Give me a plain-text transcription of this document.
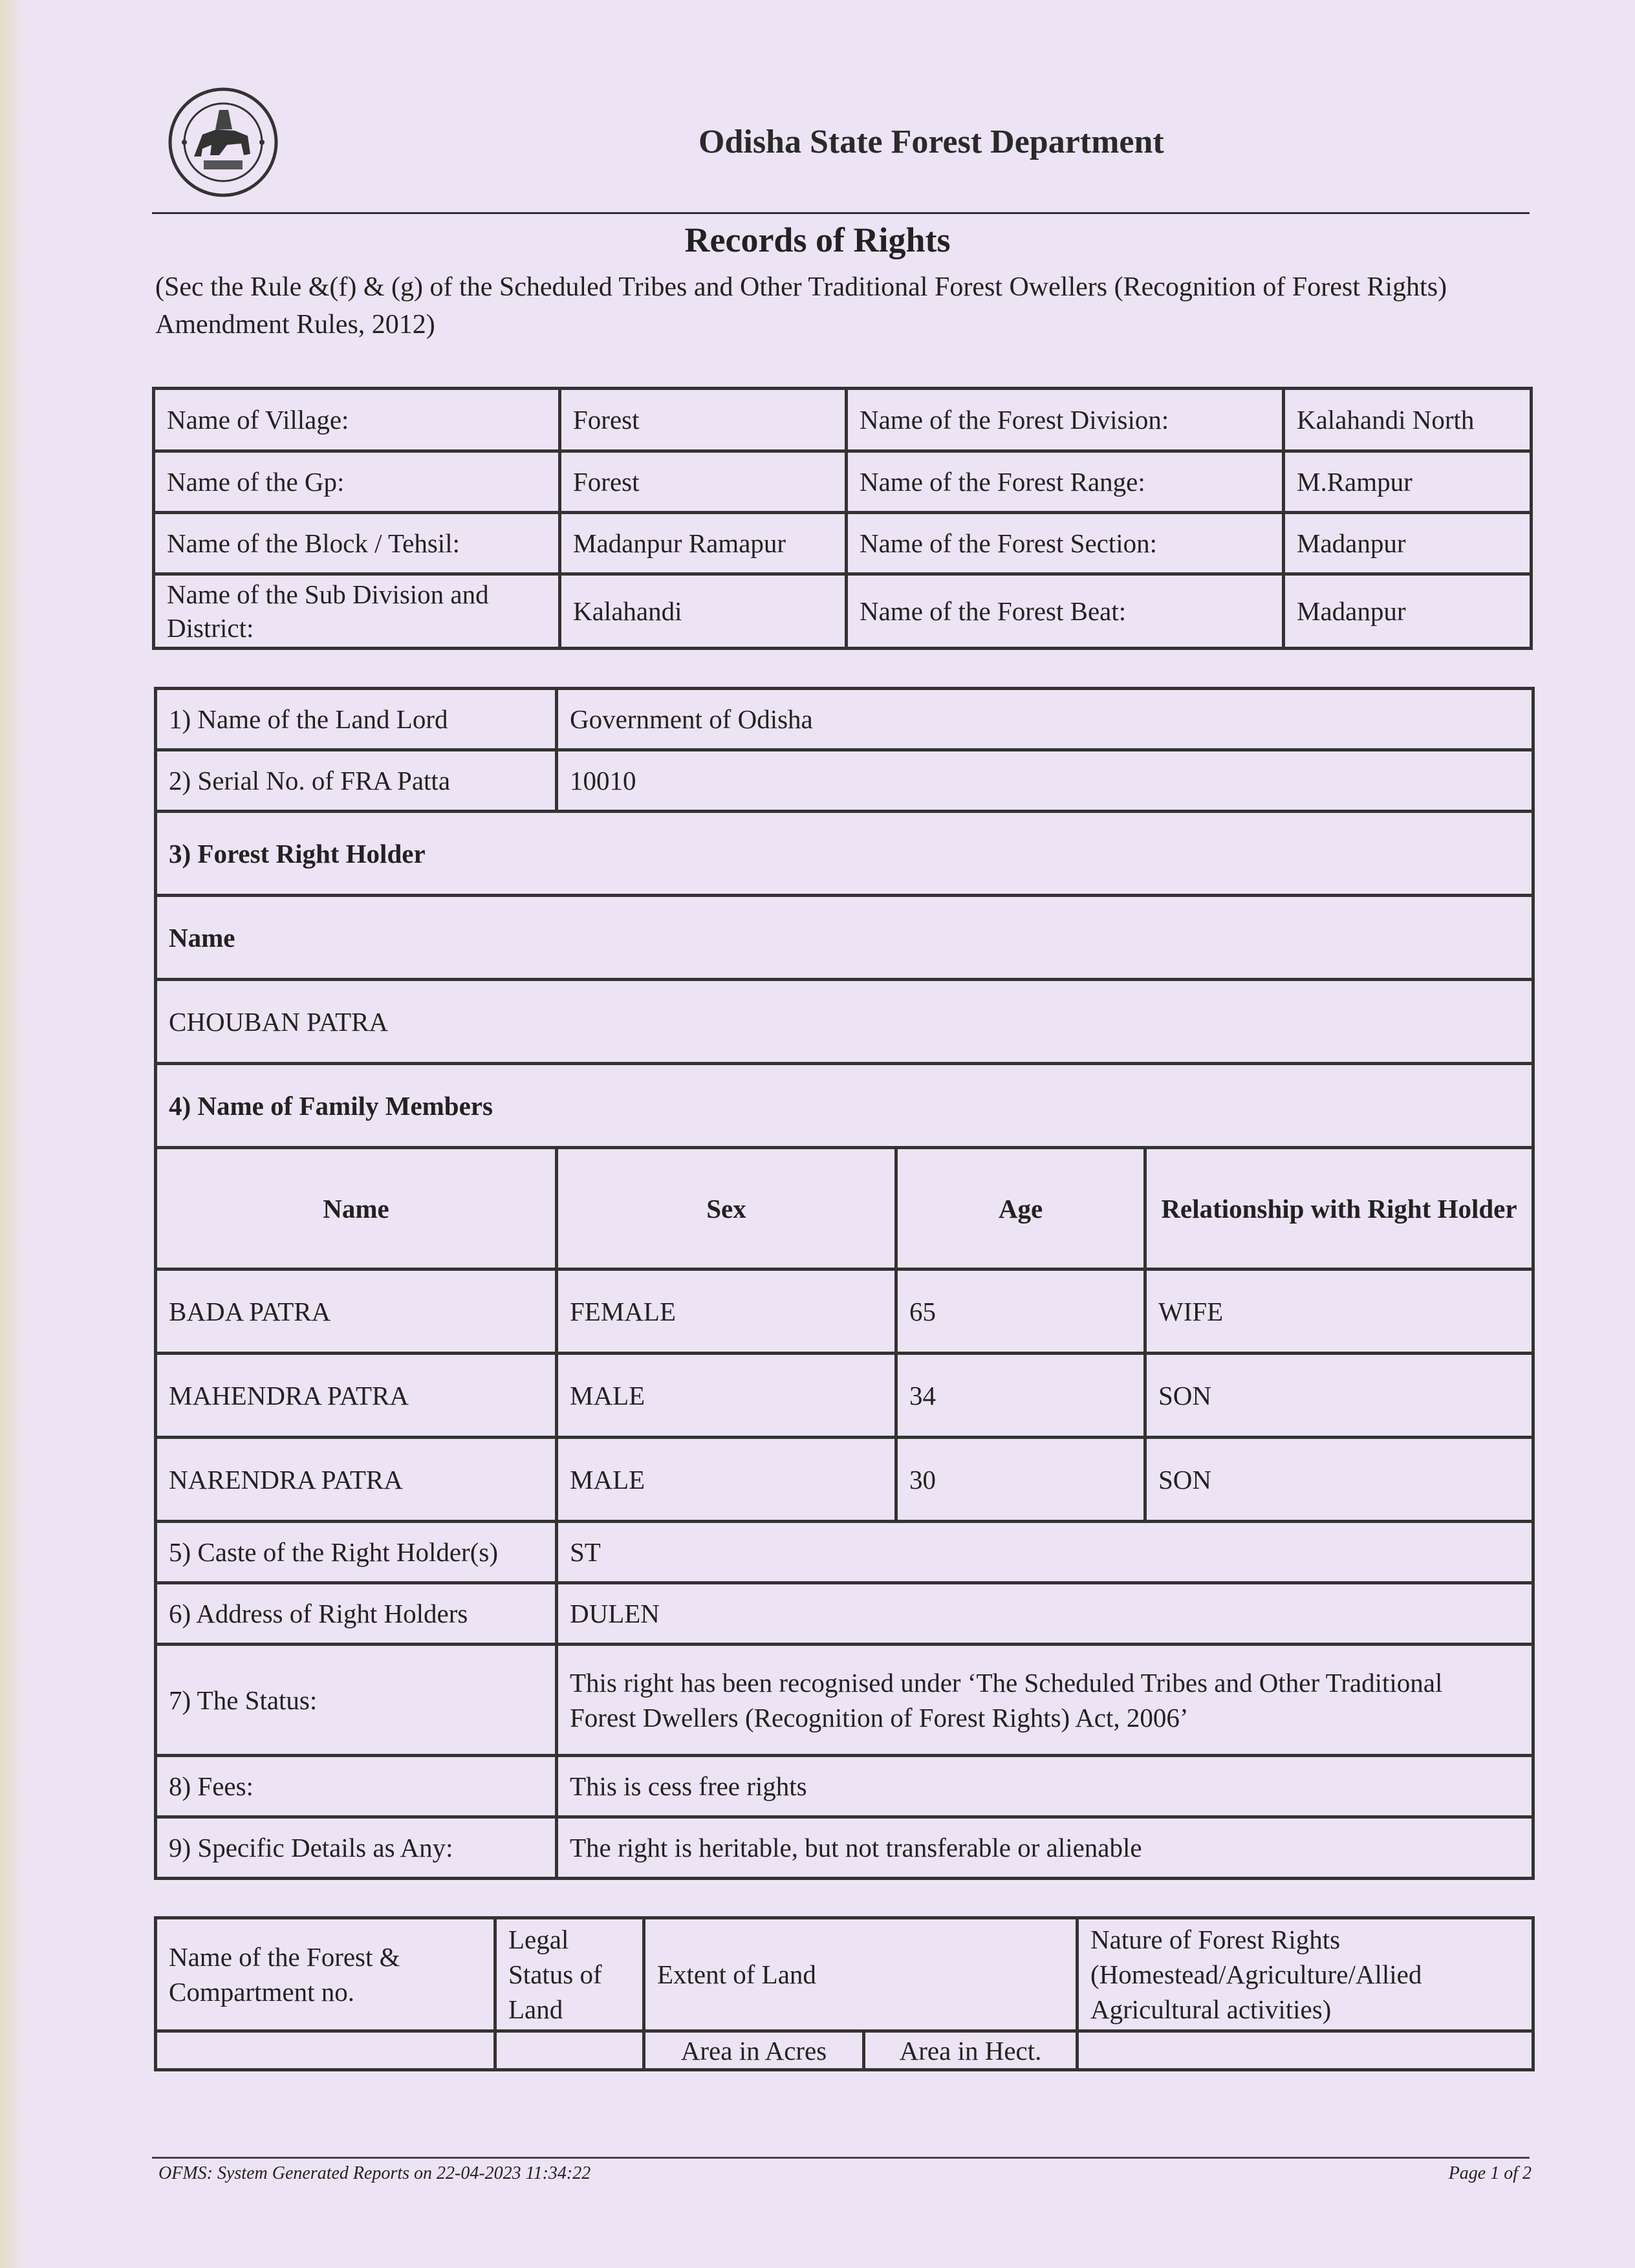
Odisha State Forest Department
Records of Rights
(Sec the Rule &(f) & (g) of the Scheduled Tribes and Other Traditional Forest Owellers (Recognition of Forest Rights) Amendment Rules, 2012)
Name of Village:	Forest	Name of the Forest Division:	Kalahandi North
Name of the Gp:	Forest	Name of the Forest Range:	M.Rampur
Name of the Block / Tehsil:	Madanpur Ramapur	Name of the Forest Section:	Madanpur
Name of the Sub Division and District:	Kalahandi	Name of the Forest Beat:	Madanpur
1) Name of the Land Lord	Government of Odisha		
2) Serial No. of FRA Patta	10010		
3) Forest Right Holder			
Name			
CHOUBAN PATRA			
4) Name of Family Members			
Name	Sex	Age	Relationship with Right Holder
BADA PATRA	FEMALE	65	WIFE
MAHENDRA PATRA	MALE	34	SON
NARENDRA PATRA	MALE	30	SON
5) Caste of the Right Holder(s)	ST		
6) Address of Right Holders	DULEN		
7) The Status:	This right has been recognised under ‘The Scheduled Tribes and Other Traditional
Forest Dwellers (Recognition of Forest Rights) Act, 2006’		

8) Fees:	This is cess free rights		
9) Specific Details as Any:	The right is heritable, but not transferable or alienable		
Name of the Forest & Compartment no.	Legal Status of Land	Extent of Land		Nature of Forest Rights (Homestead/Agriculture/Allied Agricultural activities)
		Area in Acres	Area in Hect.	
OFMS: System Generated Reports on 22-04-2023 11:34:22	Page 1 of 2
